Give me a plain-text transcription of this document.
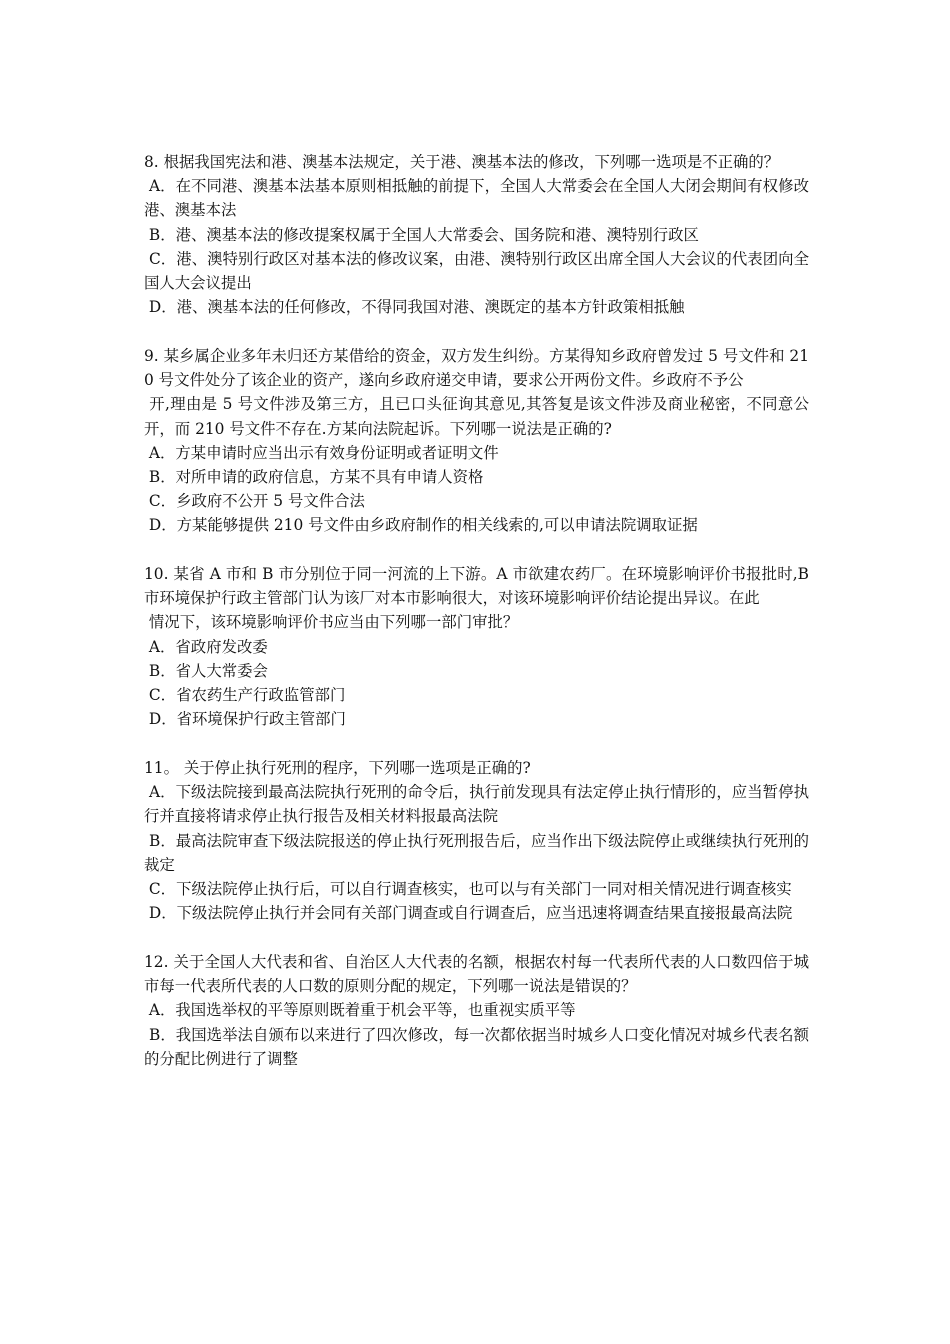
8. 根据我国宪法和港、澳基本法规定，关于港、澳基本法的修改，下列哪一选项是不正确的？
A．在不同港、澳基本法基本原则相抵触的前提下，全国人大常委会在全国人大闭会期间有权修改港、澳基本法
B．港、澳基本法的修改提案权属于全国人大常委会、国务院和港、澳特别行政区
C．港、澳特别行政区对基本法的修改议案，由港、澳特别行政区出席全国人大会议的代表团向全国人大会议提出
D．港、澳基本法的任何修改，不得同我国对港、澳既定的基本方针政策相抵触
9. 某乡属企业多年未归还方某借给的资金，双方发生纠纷。方某得知乡政府曾发过 5 号文件和 210 号文件处分了该企业的资产，遂向乡政府递交申请，要求公开两份文件。乡政府不予公
开,理由是 5 号文件涉及第三方，且已口头征询其意见,其答复是该文件涉及商业秘密，不同意公开，而 210 号文件不存在.方某向法院起诉。下列哪一说法是正确的?
A．方某申请时应当出示有效身份证明或者证明文件
B．对所申请的政府信息，方某不具有申请人资格
C．乡政府不公开 5 号文件合法
D．方某能够提供 210 号文件由乡政府制作的相关线索的,可以申请法院调取证据
10. 某省 A 市和 B 市分别位于同一河流的上下游。A 市欲建农药厂。在环境影响评价书报批时,B 市环境保护行政主管部门认为该厂对本市影响很大，对该环境影响评价结论提出异议。在此
情况下，该环境影响评价书应当由下列哪一部门审批？
A．省政府发改委
B．省人大常委会
C．省农药生产行政监管部门
D．省环境保护行政主管部门
11。 关于停止执行死刑的程序，下列哪一选项是正确的?
A．下级法院接到最高法院执行死刑的命令后，执行前发现具有法定停止执行情形的，应当暂停执行并直接将请求停止执行报告及相关材料报最高法院
B．最高法院审查下级法院报送的停止执行死刑报告后，应当作出下级法院停止或继续执行死刑的裁定
C．下级法院停止执行后，可以自行调查核实，也可以与有关部门一同对相关情况进行调查核实
D．下级法院停止执行并会同有关部门调查或自行调查后，应当迅速将调查结果直接报最高法院
12. 关于全国人大代表和省、自治区人大代表的名额，根据农村每一代表所代表的人口数四倍于城市每一代表所代表的人口数的原则分配的规定，下列哪一说法是错误的？
A．我国选举权的平等原则既着重于机会平等，也重视实质平等
B．我国选举法自颁布以来进行了四次修改，每一次都依据当时城乡人口变化情况对城乡代表名额的分配比例进行了调整
